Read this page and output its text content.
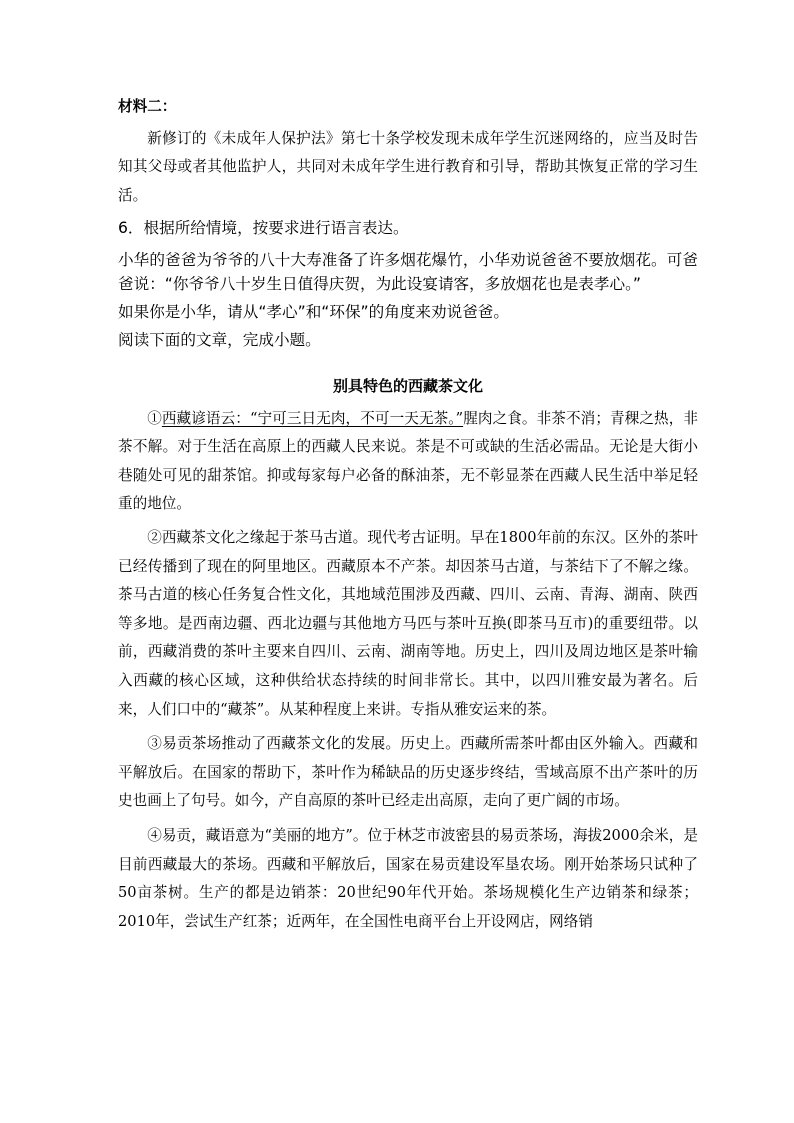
材料二：

新修订的《未成年人保护法》第七十条学校发现未成年学生沉迷网络的，应当及时告知其父母或者其他监护人，共同对未成年学生进行教育和引导，帮助其恢复正常的学习生活。

6．根据所给情境，按要求进行语言表达。

小华的爸爸为爷爷的八十大寿准备了许多烟花爆竹，小华劝说爸爸不要放烟花。可爸爸说：“你爷爷八十岁生日值得庆贺，为此设宴请客，多放烟花也是表孝心。”

如果你是小华，请从“孝心”和“环保”的角度来劝说爸爸。

阅读下面的文章，完成小题。

别具特色的西藏茶文化

①西藏谚语云：“宁可三日无肉，不可一天无茶。”腥肉之食。非茶不消；青稞之热，非茶不解。对于生活在高原上的西藏人民来说。茶是不可或缺的生活必需品。无论是大街小巷随处可见的甜茶馆。抑或每家每户必备的酥油茶，无不彰显茶在西藏人民生活中举足轻重的地位。

②西藏茶文化之缘起于茶马古道。现代考古证明。早在1800年前的东汉。区外的茶叶已经传播到了现在的阿里地区。西藏原本不产茶。却因茶马古道，与茶结下了不解之缘。茶马古道的核心任务复合性文化，其地域范围涉及西藏、四川、云南、青海、湖南、陕西等多地。是西南边疆、西北边疆与其他地方马匹与茶叶互换(即茶马互市)的重要纽带。以前，西藏消费的茶叶主要来自四川、云南、湖南等地。历史上，四川及周边地区是茶叶输入西藏的核心区域，这种供给状态持续的时间非常长。其中，以四川雅安最为著名。后来，人们口中的“藏茶”。从某种程度上来讲。专指从雅安运来的茶。

③易贡茶场推动了西藏茶文化的发展。历史上。西藏所需茶叶都由区外输入。西藏和平解放后。在国家的帮助下，茶叶作为稀缺品的历史逐步终结，雪域高原不出产茶叶的历史也画上了句号。如今，产自高原的茶叶已经走出高原，走向了更广阔的市场。

④易贡，藏语意为“美丽的地方”。位于林芝市波密县的易贡茶场，海拔2000余米，是目前西藏最大的茶场。西藏和平解放后，国家在易贡建设军垦农场。刚开始茶场只试种了50亩茶树。生产的都是边销茶：20世纪90年代开始。茶场规模化生产边销茶和绿茶；2010年，尝试生产红茶；近两年，在全国性电商平台上开设网店，网络销
